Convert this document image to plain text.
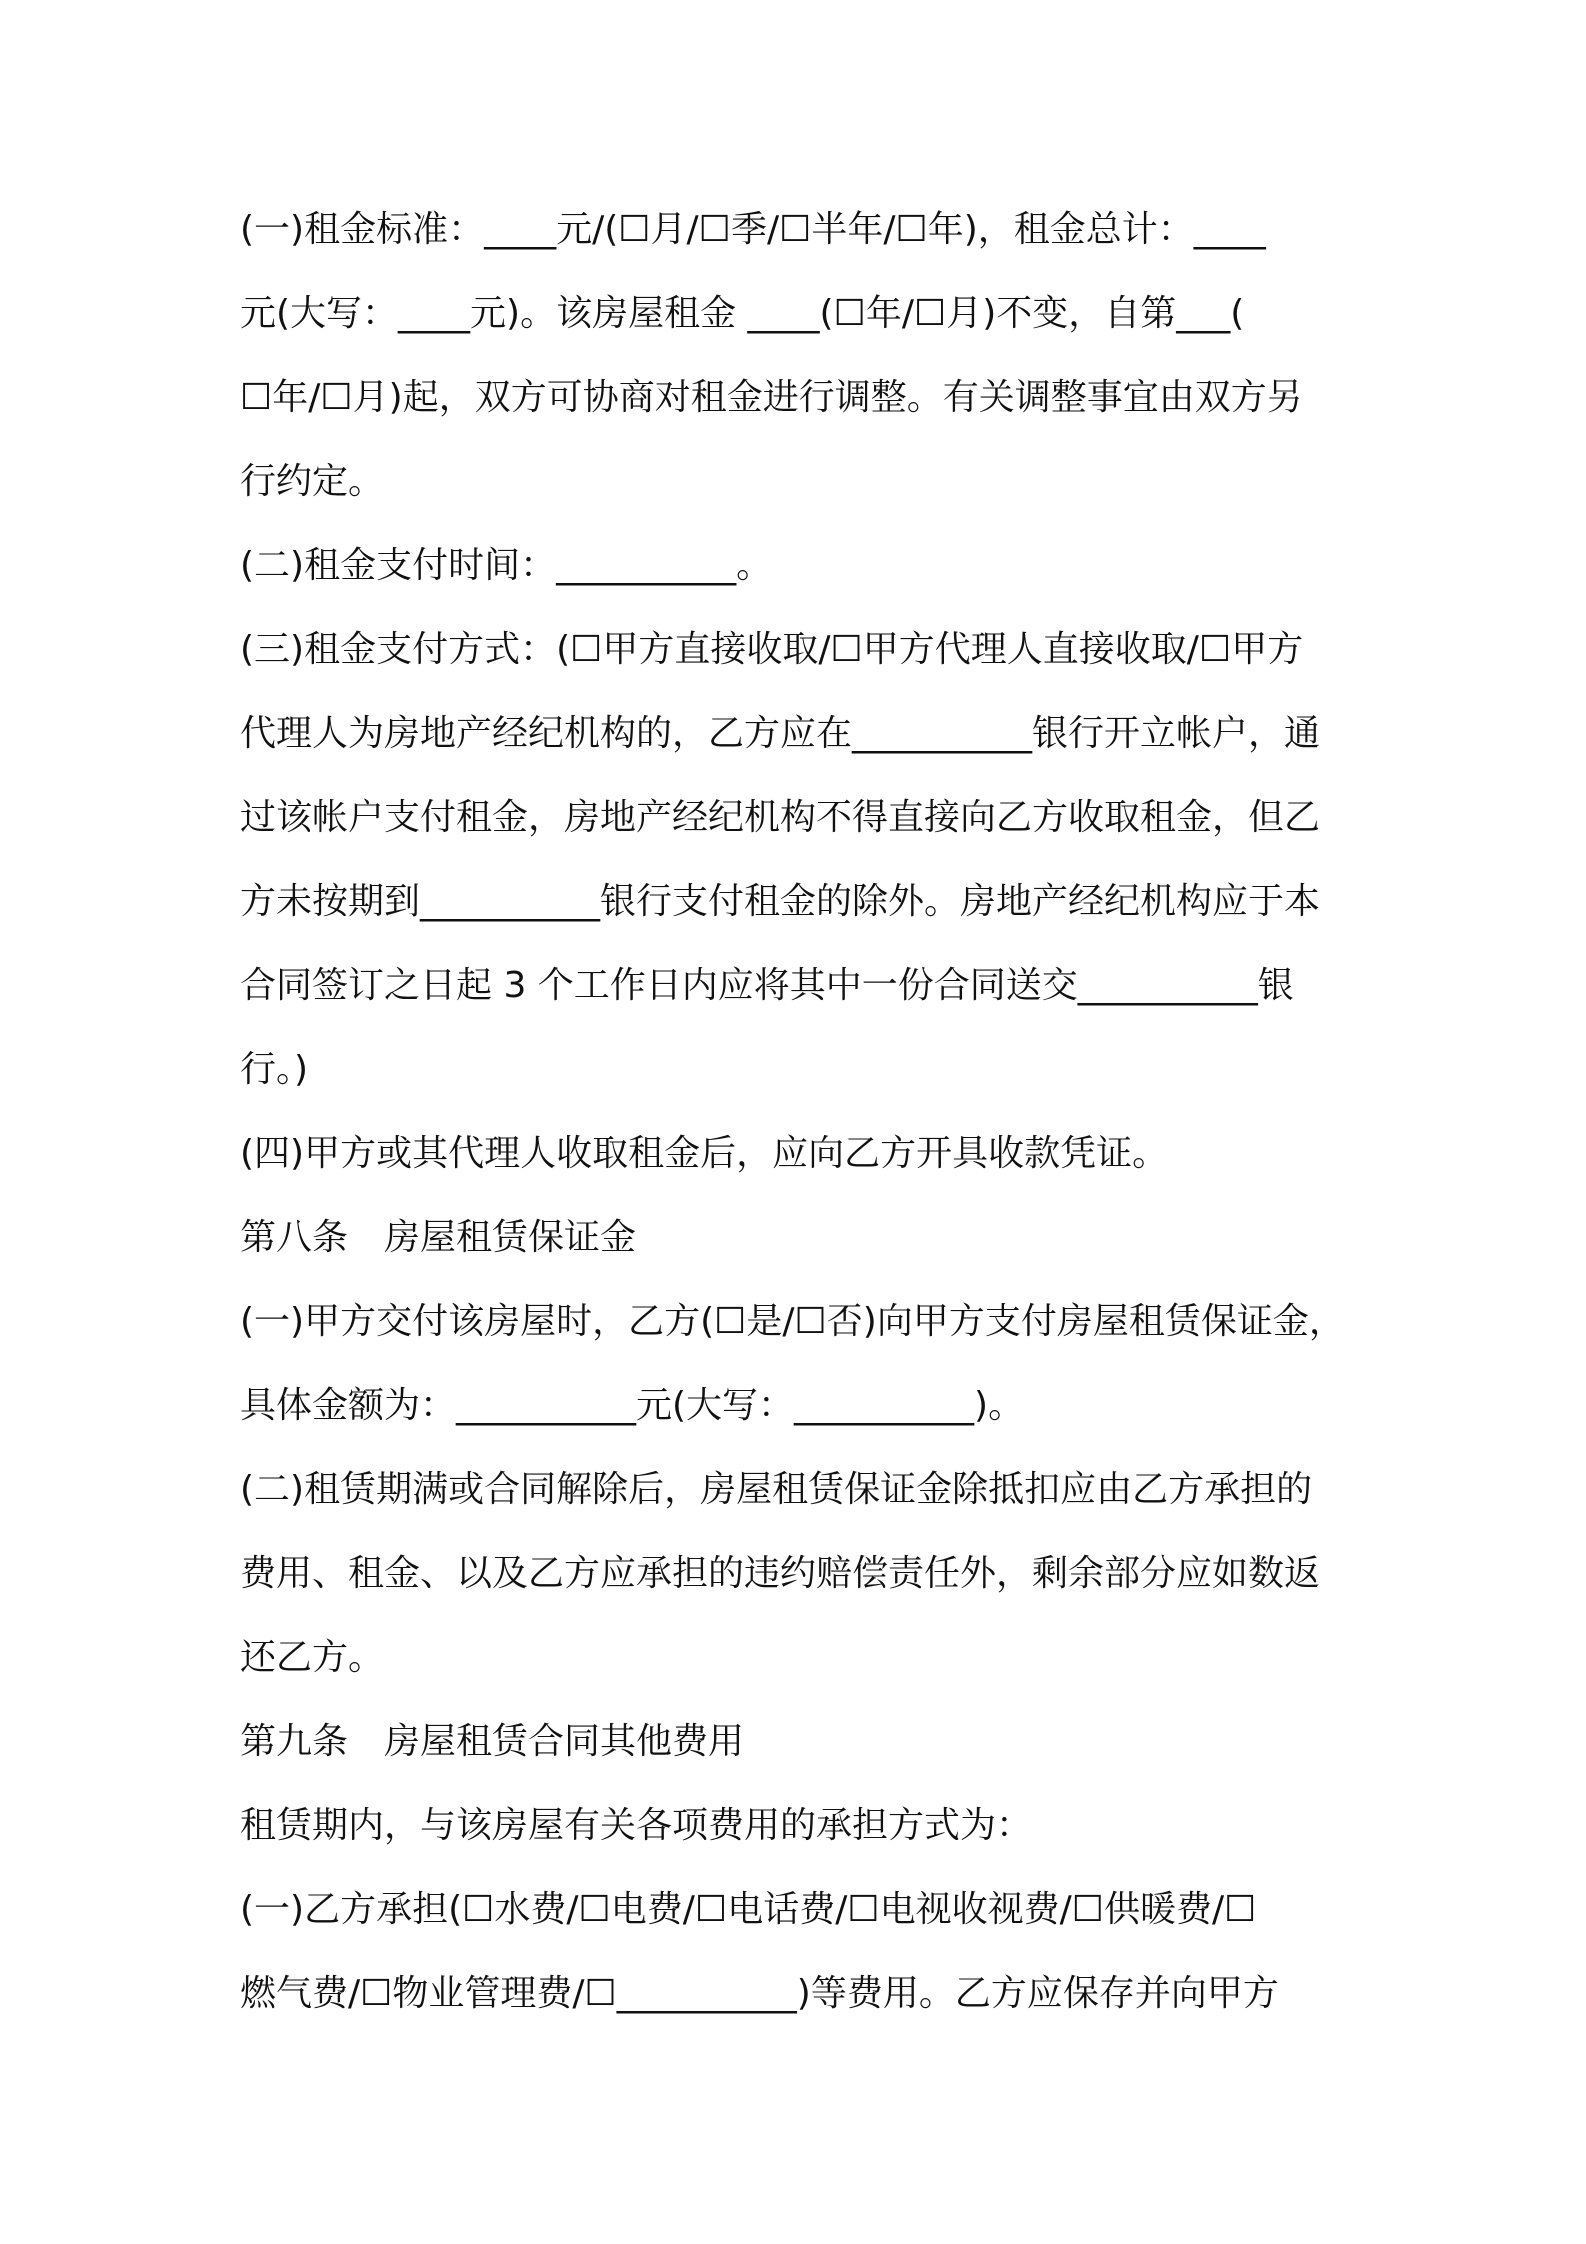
(一)租金标准：____元/(☐月/☐季/☐半年/☐年)，租金总计：____
元(大写：____元)。该房屋租金 ____(☐年/☐月)不变，自第___(
☐年/☐月)起，双方可协商对租金进行调整。有关调整事宜由双方另
行约定。
(二)租金支付时间：__________。
(三)租金支付方式：(☐甲方直接收取/☐甲方代理人直接收取/☐甲方
代理人为房地产经纪机构的，乙方应在__________银行开立帐户，通
过该帐户支付租金，房地产经纪机构不得直接向乙方收取租金，但乙
方未按期到__________银行支付租金的除外。房地产经纪机构应于本
合同签订之日起 3 个工作日内应将其中一份合同送交__________银
行。)
(四)甲方或其代理人收取租金后，应向乙方开具收款凭证。
第八条　房屋租赁保证金
(一)甲方交付该房屋时，乙方(☐是/☐否)向甲方支付房屋租赁保证金，
具体金额为：__________元(大写：__________)。
(二)租赁期满或合同解除后，房屋租赁保证金除抵扣应由乙方承担的
费用、租金、以及乙方应承担的违约赔偿责任外，剩余部分应如数返
还乙方。
第九条　房屋租赁合同其他费用
租赁期内，与该房屋有关各项费用的承担方式为：
(一)乙方承担(☐水费/☐电费/☐电话费/☐电视收视费/☐供暖费/☐
燃气费/☐物业管理费/☐__________)等费用。乙方应保存并向甲方
